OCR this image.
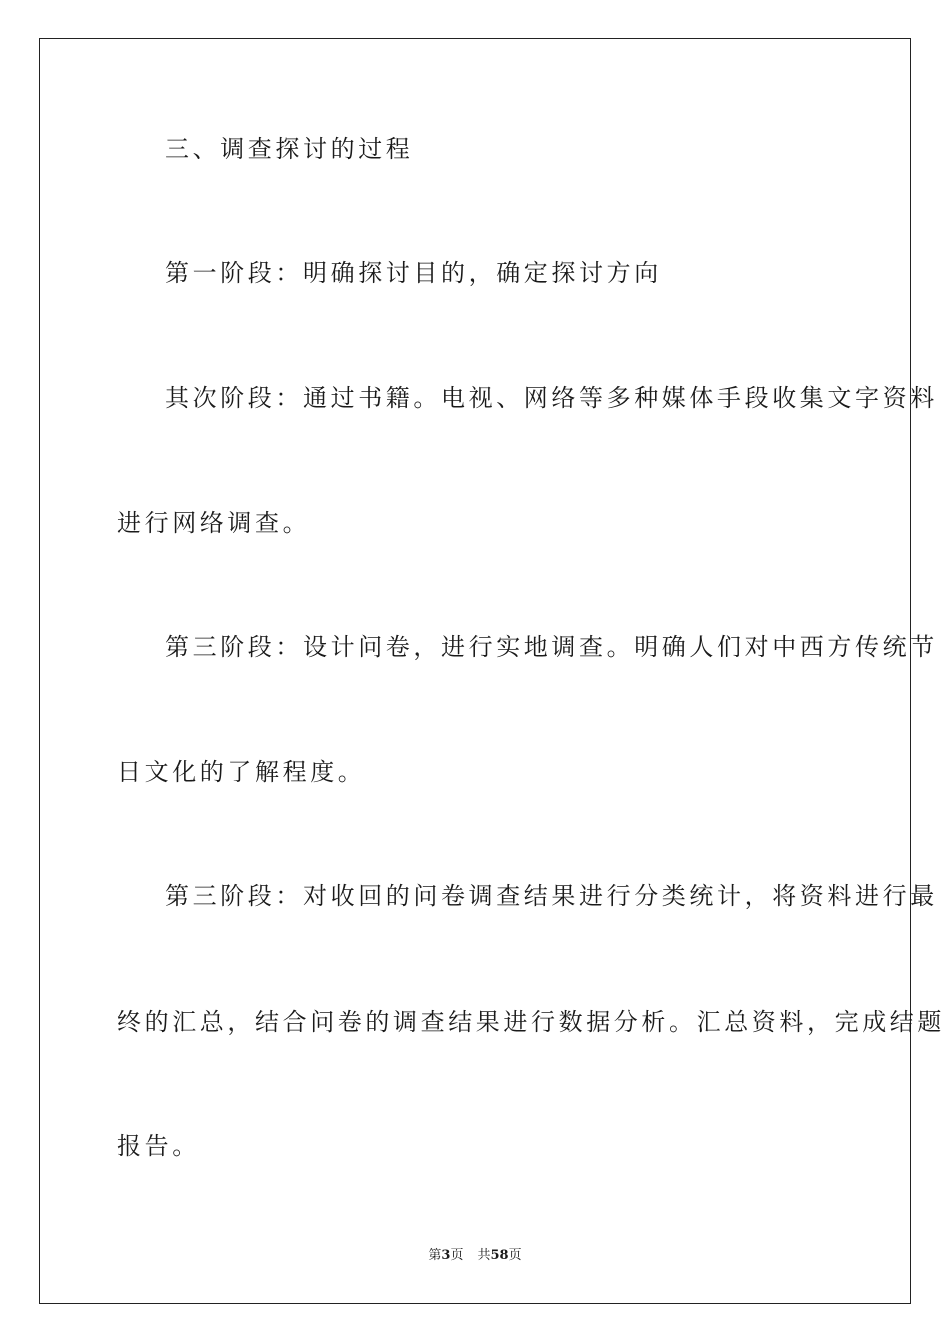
三、调查探讨的过程
第一阶段：明确探讨目的，确定探讨方向
其次阶段：通过书籍。电视、网络等多种媒体手段收集文字资料
进行网络调查。
第三阶段：设计问卷，进行实地调查。明确人们对中西方传统节
日文化的了解程度。
第三阶段：对收回的问卷调查结果进行分类统计，将资料进行最
终的汇总，结合问卷的调查结果进行数据分析。汇总资料，完成结题
报告。
第3页 共58页
